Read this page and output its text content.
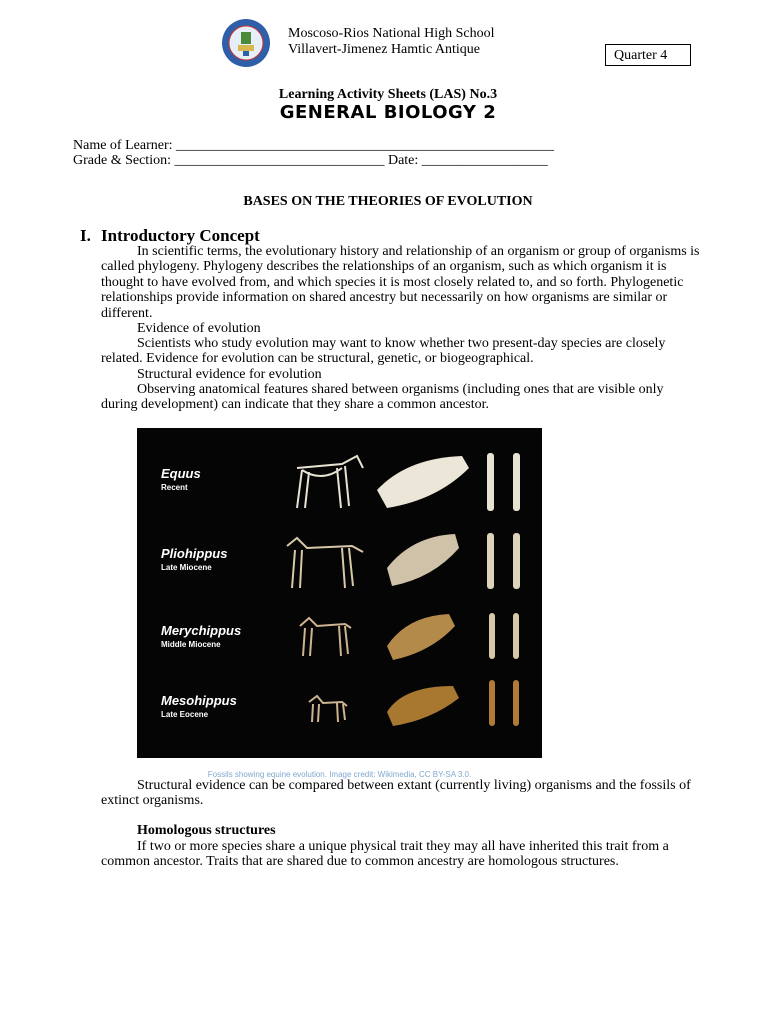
Moscoso-Rios National High School
Villavert-Jimenez Hamtic Antique	Quarter 4
Learning Activity Sheets (LAS) No.3
GENERAL BIOLOGY 2
Name of Learner: ______________________________________________________
Grade & Section: ______________________________ Date: __________________
BASES ON THE THEORIES OF EVOLUTION
I. Introductory Concept
In scientific terms, the evolutionary history and relationship of an organism or group of organisms is called phylogeny. Phylogeny describes the relationships of an organism, such as which organism it is thought to have evolved from, and which species it is most closely related to, and so forth. Phylogenetic relationships provide information on shared ancestry but necessarily on how organisms are similar or different.
Evidence of evolution
Scientists who study evolution may want to know whether two present-day species are closely related. Evidence for evolution can be structural, genetic, or biogeographical.
Structural evidence for evolution
Observing anatomical features shared between organisms (including ones that are visible only during development) can indicate that they share a common ancestor.
Equus
Recent
Pliohippus
Late Miocene
Merychippus
Middle Miocene
Mesohippus
Late Eocene
Fossils showing equine evolution. Image credit: Wikimedia, CC BY-SA 3.0.
Structural evidence can be compared between extant (currently living) organisms and the fossils of extinct organisms.
Homologous structures
If two or more species share a unique physical trait they may all have inherited this trait from a common ancestor. Traits that are shared due to common ancestry are homologous structures.
